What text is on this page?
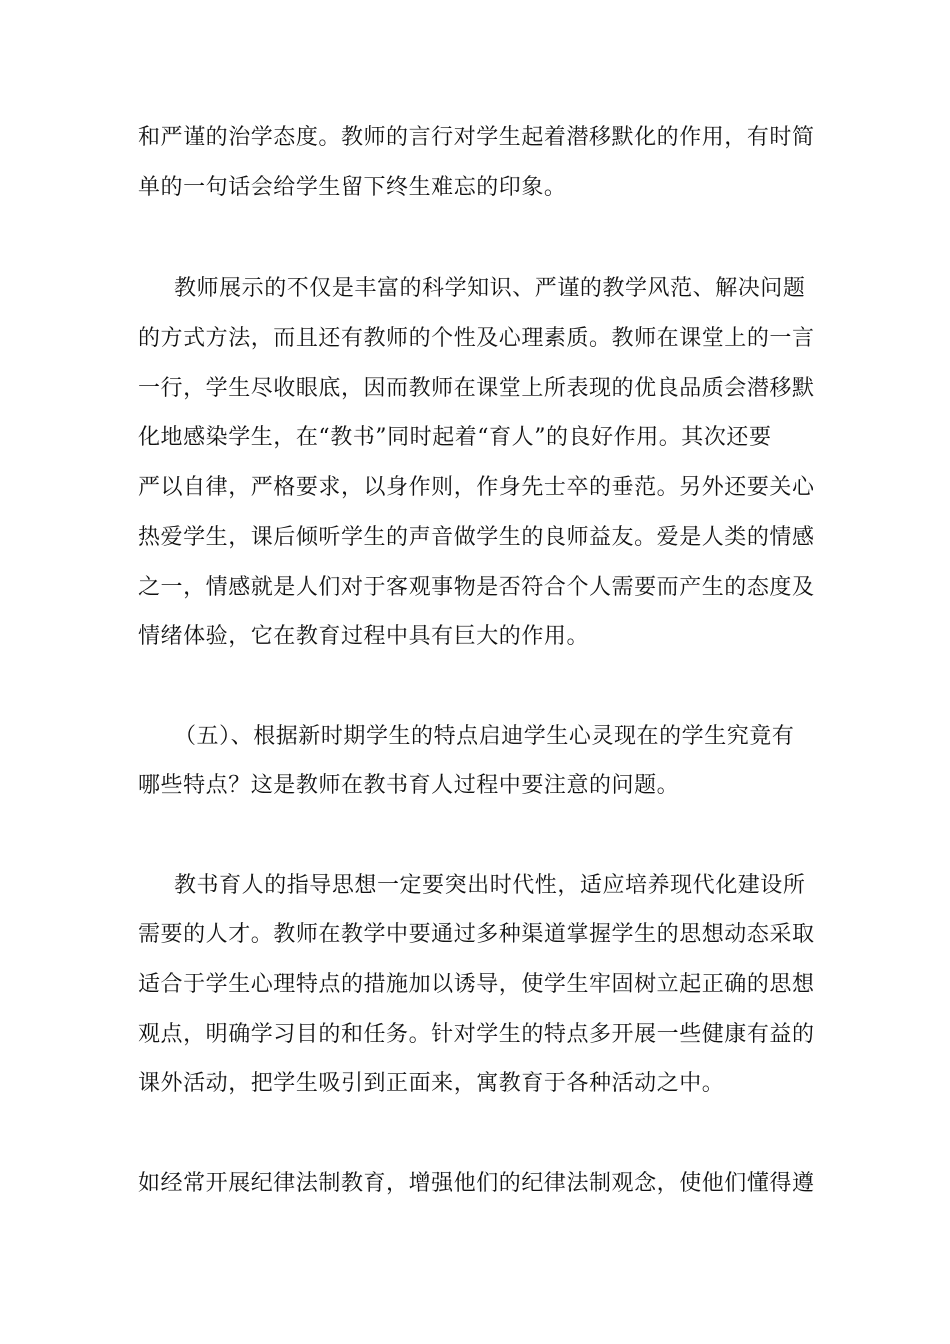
和严谨的治学态度。教师的言行对学生起着潜移默化的作用，有时简

单的一句话会给学生留下终生难忘的印象。

教师展示的不仅是丰富的科学知识、严谨的教学风范、解决问题

的方式方法，而且还有教师的个性及心理素质。教师在课堂上的一言

一行，学生尽收眼底，因而教师在课堂上所表现的优良品质会潜移默

化地感染学生，在“教书”同时起着“育人”的良好作用。其次还要

严以自律，严格要求，以身作则，作身先士卒的垂范。另外还要关心

热爱学生，课后倾听学生的声音做学生的良师益友。爱是人类的情感

之一，情感就是人们对于客观事物是否符合个人需要而产生的态度及

情绪体验，它在教育过程中具有巨大的作用。

（五）、根据新时期学生的特点启迪学生心灵现在的学生究竟有

哪些特点？这是教师在教书育人过程中要注意的问题。

教书育人的指导思想一定要突出时代性，适应培养现代化建设所

需要的人才。教师在教学中要通过多种渠道掌握学生的思想动态采取

适合于学生心理特点的措施加以诱导，使学生牢固树立起正确的思想

观点，明确学习目的和任务。针对学生的特点多开展一些健康有益的

课外活动，把学生吸引到正面来，寓教育于各种活动之中。

如经常开展纪律法制教育，增强他们的纪律法制观念，使他们懂得遵
